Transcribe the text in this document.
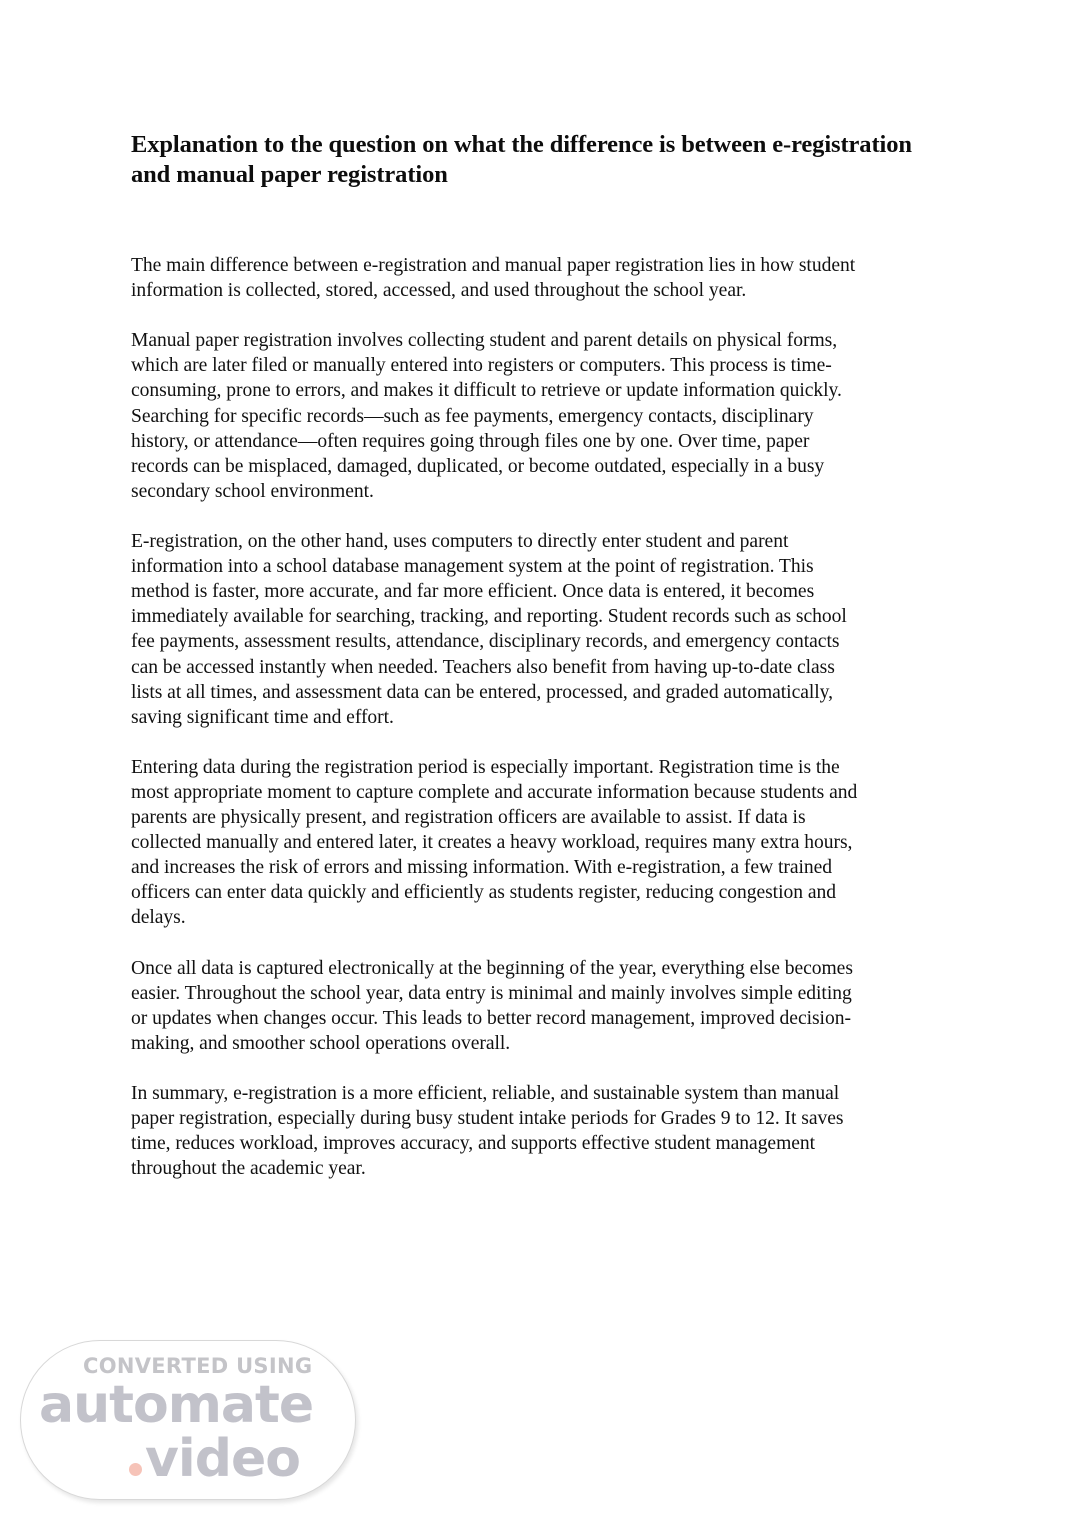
Explanation to the question on what the difference is between e-registration
and manual paper registration

The main difference between e-registration and manual paper registration lies in how student
information is collected, stored, accessed, and used throughout the school year.

Manual paper registration involves collecting student and parent details on physical forms,
which are later filed or manually entered into registers or computers. This process is time-
consuming, prone to errors, and makes it difficult to retrieve or update information quickly.
Searching for specific records—such as fee payments, emergency contacts, disciplinary
history, or attendance—often requires going through files one by one. Over time, paper
records can be misplaced, damaged, duplicated, or become outdated, especially in a busy
secondary school environment.

E-registration, on the other hand, uses computers to directly enter student and parent
information into a school database management system at the point of registration. This
method is faster, more accurate, and far more efficient. Once data is entered, it becomes
immediately available for searching, tracking, and reporting. Student records such as school
fee payments, assessment results, attendance, disciplinary records, and emergency contacts
can be accessed instantly when needed. Teachers also benefit from having up-to-date class
lists at all times, and assessment data can be entered, processed, and graded automatically,
saving significant time and effort.

Entering data during the registration period is especially important. Registration time is the
most appropriate moment to capture complete and accurate information because students and
parents are physically present, and registration officers are available to assist. If data is
collected manually and entered later, it creates a heavy workload, requires many extra hours,
and increases the risk of errors and missing information. With e-registration, a few trained
officers can enter data quickly and efficiently as students register, reducing congestion and
delays.

Once all data is captured electronically at the beginning of the year, everything else becomes
easier. Throughout the school year, data entry is minimal and mainly involves simple editing
or updates when changes occur. This leads to better record management, improved decision-
making, and smoother school operations overall.

In summary, e-registration is a more efficient, reliable, and sustainable system than manual
paper registration, especially during busy student intake periods for Grades 9 to 12. It saves
time, reduces workload, improves accuracy, and supports effective student management
throughout the academic year.

CONVERTED USING
automate
video
